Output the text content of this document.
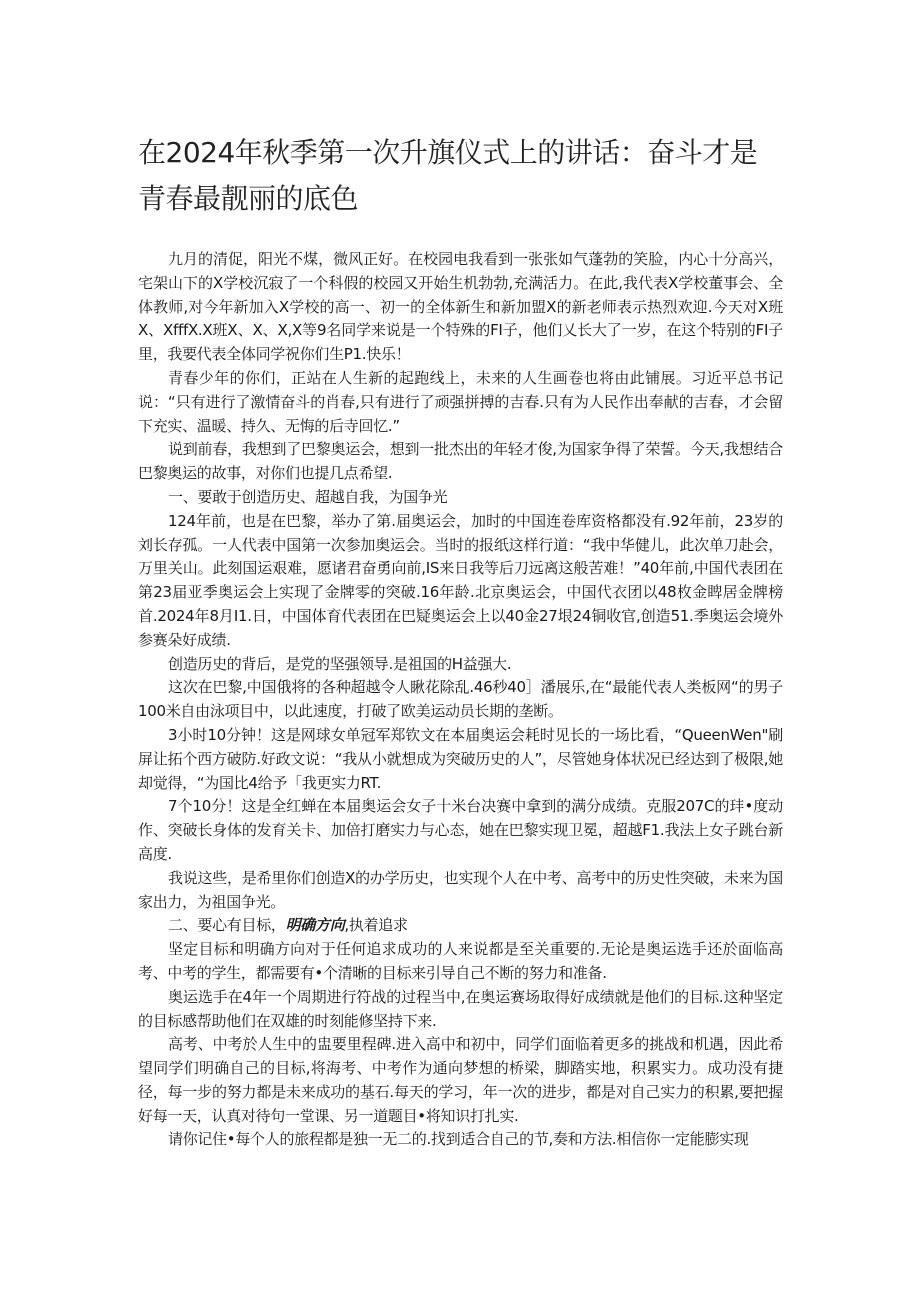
在2024年秋季第一次升旗仪式上的讲话：奋斗才是青春最靓丽的底色

九月的清促，阳光不煤，微风正好。在校园电我看到一张张如气蓬勃的笑脸，内心十分高兴，宅架山下的X学校沉寂了一个科假的校园又开始生机勃勃,充满活力。在此,我代表X学校董事会、全体教师,对今年新加入X学校的高一、初一的全体新生和新加盟X的新老师表示热烈欢迎.今天对X班X、XfffX.X班X、X、X,X等9名同学来说是一个特殊的FI子，他们乂长大了一岁，在这个特别的FI子里，我要代表全体同学祝你们生P1.快乐！

青春少年的你们，正站在人生新的起跑线上，未来的人生画卷也将由此铺展。习近平总书记说：“只有进行了激情奋斗的肖春,只有进行了顽强拼搏的吉春.只有为人民作出奉献的吉春，才会留下充实、温暖、持久、无悔的后寺回忆.”

说到前春，我想到了巴黎奥运会，想到一批杰出的年轻才俊,为国家争得了荣誓。今天,我想结合巴黎奥运的故事，对你们也提几点希望.

一、要敢于创造历史、超越自我，为国争光

124年前，也是在巴黎，举办了第.届奥运会，加时的中国连卷库资格都没有.92年前，23岁的刘长存孤。一人代表中国第一次参加奥运会。当时的报纸这样行道：“我中华健儿，此次单刀赴会，万里关山。此刻国运艰难，愿诸君奋勇向前,IS来日我等后刀远离这般苦难！”40年前,中国代表团在第23届亚季奥运会上实现了金牌零的突破.16年龄.北京奥运会，中国代衣团以48枚金睥居金牌榜首.2024年8月I1.日，中国体育代表团在巴疑奥运会上以40金27垠24铜收官,创造51.季奥运会境外参赛朵好成绩.

创造历史的背后，是党的坚强领导.是祖国的H益强大.

这次在巴黎,中国俄将的各种超越令人瞅花除乱.46秒40］潘展乐,在“最能代表人类板网“的男子100米自由泳项目中，以此速度，打破了欧美运动员长期的垄断。

3小时10分钟！这是网球女单冠军郑钦文在本届奥运会耗时见长的一场比看，“QueenWen"刷屏让拓个西方破防.好政文说：“我从小就想成为突破历史的人”，尽管她身体状况已经达到了极限,她却觉得，“为国比4给予「我更实力RT.

7个10分！这是全红蝉在本届奥运会女子十米台决赛中拿到的满分成绩。克服207C的玤•度动作、突破长身体的发育关卡、加倍打磨实力与心态，她在巴黎实现卫冕，超越F1.我法上女子跳台新高度.

我说这些，是希里你们创造X的办学历史，也实现个人在中考、高考中的历史性突破，未来为国家出力，为祖国争光。

二、要心有目标，明确方向,执着追求

坚定目标和明确方向对于任何追求成功的人来说都是至关重要的.无论是奥运选手还於面临高考、中考的学生，都需要有•个清晰的目标来引导自己不断的努力和准备.

奥运选手在4年一个周期进行符战的过程当中,在奥运赛场取得好成绩就是他们的目标.这种坚定的目标感帮助他们在双雄的时刻能修坚持下来.

高考、中考於人生中的盅要里程碑.进入高中和初中，同学们面临着更多的挑战和机遇，因此希望同学们明确自己的目标,将海考、中考作为通向梦想的桥梁，脚踏实地，积累实力。成功没有捷径，每一步的努力都是未来成功的基石.每天的学习，年一次的进步，都是对自己实力的积累,要把握好每一天，认真对待句一堂课、另一道题目•将知识打扎实.

请你记住•每个人的旅程都是独一无二的.找到适合自己的节,奏和方法.相信你一定能膨实现
